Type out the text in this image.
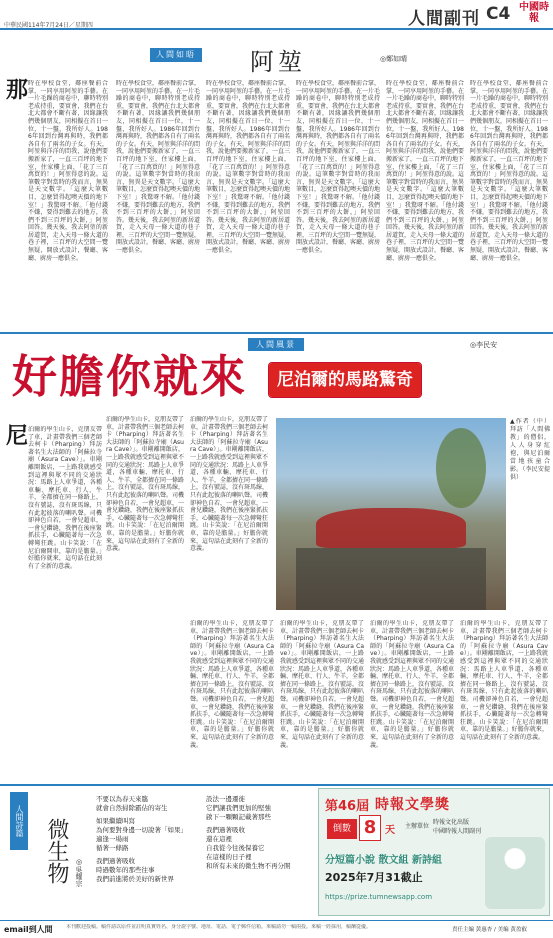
中華民國114年7月24日／星期四	人間副刊 C4 中國時報
人間如晤 阿堃	◎鄭如晴
那 時在學校食堂，鄰座餐前合掌，一同享用阿堃的手藝。在一片毛躁的商卷中，聊時特別老成持重，要實會，我們在台北大都會不斷有著，因緣讓我們幾個朋友，同相擬在首日一位，十一盤，我所好人。1986年回到台灣再與時，我們都各自有了兩名的子女。有天，阿堃與洋洋的問我，說他們要搬新家了，一直三百坪的地下室，住家樓上面，「花了三百萬買的！」阿堃得意的說。這筆數字對當時的我而言，無異是天文數字。「這麼大筆數目，怎麼買得起噢天價的地下室！」我驚呀不解。「他付錢不嫌，要得到難去的地方，我們不到三百坪的大餅，」阿堃回答。幾天後，我去阿堃的新居道賀，走入天母一條大道的巷子裡，三百坪的大空間一覽無疑，開放式設計，餐廳、客廳、廚房一應俱全。
時在學校食堂，鄰座餐前合掌，一同享用阿堃的手藝。在一片毛躁的商卷中，聊時特別老成持重，要實會，我們在台北大都會不斷有著，因緣讓我們幾個朋友，同相擬在首日一位，十一盤，我所好人。1986年回到台灣再與時，我們都各自有了兩名的子女。有天，阿堃與洋洋的問我，說他們要搬新家了，一直三百坪的地下室，住家樓上面，「花了三百萬買的！」阿堃得意的說。這筆數字對當時的我而言，無異是天文數字。「這麼大筆數目，怎麼買得起噢天價的地下室！」我驚呀不解。「他付錢不嫌，要得到難去的地方，我們不到三百坪的大餅，」阿堃回答。幾天後，我去阿堃的新居道賀，走入天母一條大道的巷子裡，三百坪的大空間一覽無疑，開放式設計，餐廳、客廳、廚房一應俱全。
時在學校食堂，鄰座餐前合掌，一同享用阿堃的手藝。在一片毛躁的商卷中，聊時特別老成持重，要實會，我們在台北大都會不斷有著，因緣讓我們幾個朋友，同相擬在首日一位，十一盤，我所好人。1986年回到台灣再與時，我們都各自有了兩名的子女。有天，阿堃與洋洋的問我，說他們要搬新家了，一直三百坪的地下室，住家樓上面，「花了三百萬買的！」阿堃得意的說。這筆數字對當時的我而言，無異是天文數字。「這麼大筆數目，怎麼買得起噢天價的地下室！」我驚呀不解。「他付錢不嫌，要得到難去的地方，我們不到三百坪的大餅，」阿堃回答。幾天後，我去阿堃的新居道賀，走入天母一條大道的巷子裡，三百坪的大空間一覽無疑，開放式設計，餐廳、客廳、廚房一應俱全。
時在學校食堂，鄰座餐前合掌，一同享用阿堃的手藝。在一片毛躁的商卷中，聊時特別老成持重，要實會，我們在台北大都會不斷有著，因緣讓我們幾個朋友，同相擬在首日一位，十一盤，我所好人。1986年回到台灣再與時，我們都各自有了兩名的子女。有天，阿堃與洋洋的問我，說他們要搬新家了，一直三百坪的地下室，住家樓上面，「花了三百萬買的！」阿堃得意的說。這筆數字對當時的我而言，無異是天文數字。「這麼大筆數目，怎麼買得起噢天價的地下室！」我驚呀不解。「他付錢不嫌，要得到難去的地方，我們不到三百坪的大餅，」阿堃回答。幾天後，我去阿堃的新居道賀，走入天母一條大道的巷子裡，三百坪的大空間一覽無疑，開放式設計，餐廳、客廳、廚房一應俱全。
時在學校食堂，鄰座餐前合掌，一同享用阿堃的手藝。在一片毛躁的商卷中，聊時特別老成持重，要實會，我們在台北大都會不斷有著，因緣讓我們幾個朋友，同相擬在首日一位，十一盤，我所好人。1986年回到台灣再與時，我們都各自有了兩名的子女。有天，阿堃與洋洋的問我，說他們要搬新家了，一直三百坪的地下室，住家樓上面，「花了三百萬買的！」阿堃得意的說。這筆數字對當時的我而言，無異是天文數字。「這麼大筆數目，怎麼買得起噢天價的地下室！」我驚呀不解。「他付錢不嫌，要得到難去的地方，我們不到三百坪的大餅，」阿堃回答。幾天後，我去阿堃的新居道賀，走入天母一條大道的巷子裡，三百坪的大空間一覽無疑，開放式設計，餐廳、客廳、廚房一應俱全。
時在學校食堂，鄰座餐前合掌，一同享用阿堃的手藝。在一片毛躁的商卷中，聊時特別老成持重，要實會，我們在台北大都會不斷有著，因緣讓我們幾個朋友，同相擬在首日一位，十一盤，我所好人。1986年回到台灣再與時，我們都各自有了兩名的子女。有天，阿堃與洋洋的問我，說他們要搬新家了，一直三百坪的地下室，住家樓上面，「花了三百萬買的！」阿堃得意的說。這筆數字對當時的我而言，無異是天文數字。「這麼大筆數目，怎麼買得起噢天價的地下室！」我驚呀不解。「他付錢不嫌，要得到難去的地方，我們不到三百坪的大餅，」阿堃回答。幾天後，我去阿堃的新居道賀，走入天母一條大道的巷子裡，三百坪的大空間一覽無疑，開放式設計，餐廳、客廳、廚房一應俱全。
人間風景	◎李民安
好膽你就來	尼泊爾的馬路驚奇
尼 泊爾的學生山卡，克朋友帶了車，計畫帶我們三個老師去柯卡（Pharping）拜訪著名生大法師的「阿蘇拉寺廟（Asura Cave）」。車剛離開飯店，一上路我就感受到這裡與眾不同的交通狀況：馬路上人車爭道，各種車輛、摩托車、行人、牛羊，全都擠在同一條路上，沒有號誌，沒有斑馬線，只有此起彼落的喇叭聲。司機卻神色自若，一會兒超車，一會兒鑽縫，我們在後座緊抓扶手，心臟隨著每一次急轉彎狂跳。山卡笑說：「在尼泊爾開車，靠的是膽量。」好膽你就來，這句話在此刻有了全新的意義。
泊爾的學生山卡，克朋友帶了車，計畫帶我們三個老師去柯卡（Pharping）拜訪著名生大法師的「阿蘇拉寺廟（Asura Cave）」。車剛離開飯店，一上路我就感受到這裡與眾不同的交通狀況：馬路上人車爭道，各種車輛、摩托車、行人、牛羊，全都擠在同一條路上，沒有號誌，沒有斑馬線，只有此起彼落的喇叭聲。司機卻神色自若，一會兒超車，一會兒鑽縫，我們在後座緊抓扶手，心臟隨著每一次急轉彎狂跳。山卡笑說：「在尼泊爾開車，靠的是膽量。」好膽你就來，這句話在此刻有了全新的意義。
泊爾的學生山卡，克朋友帶了車，計畫帶我們三個老師去柯卡（Pharping）拜訪著名生大法師的「阿蘇拉寺廟（Asura Cave）」。車剛離開飯店，一上路我就感受到這裡與眾不同的交通狀況：馬路上人車爭道，各種車輛、摩托車、行人、牛羊，全都擠在同一條路上，沒有號誌，沒有斑馬線，只有此起彼落的喇叭聲。司機卻神色自若，一會兒超車，一會兒鑽縫，我們在後座緊抓扶手，心臟隨著每一次急轉彎狂跳。山卡笑說：「在尼泊爾開車，靠的是膽量。」好膽你就來，這句話在此刻有了全新的意義。
▲作者（中）拜訪「人間佛教」的僧侶，人人身穿紅袍，與尼泊爾當地孩童合影。（李民安提供）
泊爾的學生山卡，克朋友帶了車，計畫帶我們三個老師去柯卡（Pharping）拜訪著名生大法師的「阿蘇拉寺廟（Asura Cave）」。車剛離開飯店，一上路我就感受到這裡與眾不同的交通狀況：馬路上人車爭道，各種車輛、摩托車、行人、牛羊，全都擠在同一條路上，沒有號誌，沒有斑馬線，只有此起彼落的喇叭聲。司機卻神色自若，一會兒超車，一會兒鑽縫，我們在後座緊抓扶手，心臟隨著每一次急轉彎狂跳。山卡笑說：「在尼泊爾開車，靠的是膽量。」好膽你就來，這句話在此刻有了全新的意義。
泊爾的學生山卡，克朋友帶了車，計畫帶我們三個老師去柯卡（Pharping）拜訪著名生大法師的「阿蘇拉寺廟（Asura Cave）」。車剛離開飯店，一上路我就感受到這裡與眾不同的交通狀況：馬路上人車爭道，各種車輛、摩托車、行人、牛羊，全都擠在同一條路上，沒有號誌，沒有斑馬線，只有此起彼落的喇叭聲。司機卻神色自若，一會兒超車，一會兒鑽縫，我們在後座緊抓扶手，心臟隨著每一次急轉彎狂跳。山卡笑說：「在尼泊爾開車，靠的是膽量。」好膽你就來，這句話在此刻有了全新的意義。
泊爾的學生山卡，克朋友帶了車，計畫帶我們三個老師去柯卡（Pharping）拜訪著名生大法師的「阿蘇拉寺廟（Asura Cave）」。車剛離開飯店，一上路我就感受到這裡與眾不同的交通狀況：馬路上人車爭道，各種車輛、摩托車、行人、牛羊，全都擠在同一條路上，沒有號誌，沒有斑馬線，只有此起彼落的喇叭聲。司機卻神色自若，一會兒超車，一會兒鑽縫，我們在後座緊抓扶手，心臟隨著每一次急轉彎狂跳。山卡笑說：「在尼泊爾開車，靠的是膽量。」好膽你就來，這句話在此刻有了全新的意義。
泊爾的學生山卡，克朋友帶了車，計畫帶我們三個老師去柯卡（Pharping）拜訪著名生大法師的「阿蘇拉寺廟（Asura Cave）」。車剛離開飯店，一上路我就感受到這裡與眾不同的交通狀況：馬路上人車爭道，各種車輛、摩托車、行人、牛羊，全都擠在同一條路上，沒有號誌，沒有斑馬線，只有此起彼落的喇叭聲。司機卻神色自若，一會兒超車，一會兒鑽縫，我們在後座緊抓扶手，心臟隨著每一次急轉彎狂跳。山卡笑說：「在尼泊爾開車，靠的是膽量。」好膽你就來，這句話在此刻有了全新的意義。
人間詩篇 微生物 ◎吳耀宗
不要以為春天來臨
就會自然掃除霸佔的寄生
如果繼續叫寫
為何要對身邊一切說著「如果」
適逢一場雨
循著一條路
我們過著吸收
時過數年的那些往事
我們前進將於美好的新世界
設法一邊遷徙
它們讓我們更加的堅強
啟下一顆顆記載著那些
我們過著吸收
還在這裡
自我從今往後保養它
在這樣的日子裡
和所有未來的微生物不再分開
第46屆 時報文學獎
倒數 8 天 主辦單位
時報文化出版
中國時報人間副刊
分短篇小說 散文組 新詩組
2025年7月31截止
https://prize.tumnewsapp.com
email到人間	本刊歡迎投稿。稿件請以原件並註明真實姓名、身分證字號、地址、電話、電子郵件信箱。來稿請勿一稿兩投。來稿一經採用，稿酬從優。	責任主編 黃惠杏 / 美編 黃盈叡
